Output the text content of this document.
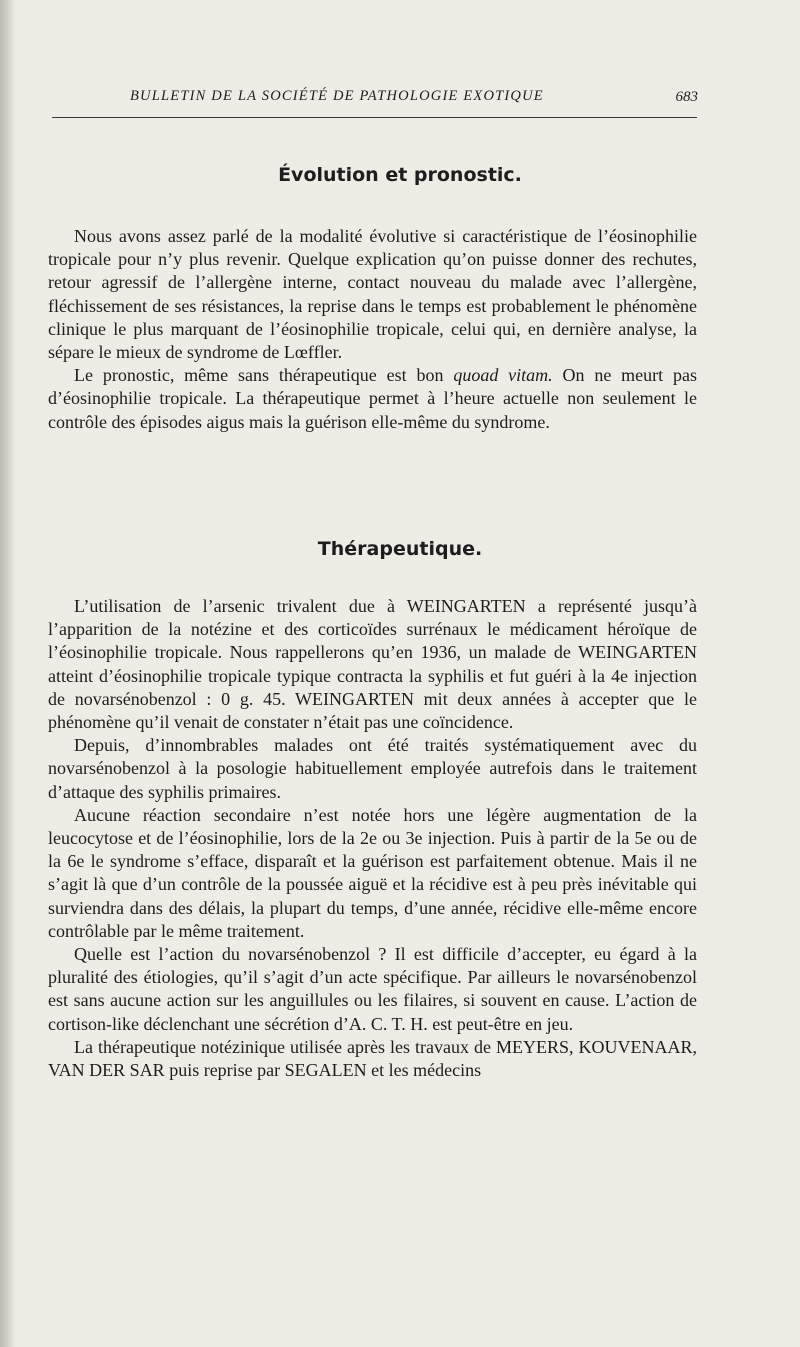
BULLETIN DE LA SOCIÉTÉ DE PATHOLOGIE EXOTIQUE	683
Évolution et pronostic.

Nous avons assez parlé de la modalité évolutive si caractéristique de l’éosinophilie tropicale pour n’y plus revenir. Quelque explication qu’on puisse donner des rechutes, retour agressif de l’allergène interne, contact nouveau du malade avec l’allergène, fléchissement de ses résistances, la reprise dans le temps est probablement le phénomène clinique le plus marquant de l’éosinophilie tropicale, celui qui, en dernière analyse, la sépare le mieux de syndrome de Lœffler.

Le pronostic, même sans thérapeutique est bon quoad vitam. On ne meurt pas d’éosinophilie tropicale. La thérapeutique permet à l’heure actuelle non seulement le contrôle des épisodes aigus mais la guérison elle-même du syndrome.

Thérapeutique.

L’utilisation de l’arsenic trivalent due à WEINGARTEN a représenté jusqu’à l’apparition de la notézine et des corticoïdes surrénaux le médicament héroïque de l’éosinophilie tropicale. Nous rappellerons qu’en 1936, un malade de WEINGARTEN atteint d’éosinophilie tropicale typique contracta la syphilis et fut guéri à la 4e injection de novarsénobenzol : 0 g. 45. WEINGARTEN mit deux années à accepter que le phénomène qu’il venait de constater n’était pas une coïncidence.

Depuis, d’innombrables malades ont été traités systématiquement avec du novarsénobenzol à la posologie habituellement employée autrefois dans le traitement d’attaque des syphilis primaires.

Aucune réaction secondaire n’est notée hors une légère augmentation de la leucocytose et de l’éosinophilie, lors de la 2e ou 3e injection. Puis à partir de la 5e ou de la 6e le syndrome s’efface, disparaît et la guérison est parfaitement obtenue. Mais il ne s’agit là que d’un contrôle de la poussée aiguë et la récidive est à peu près inévitable qui surviendra dans des délais, la plupart du temps, d’une année, récidive elle-même encore contrôlable par le même traitement.

Quelle est l’action du novarsénobenzol ? Il est difficile d’accepter, eu égard à la pluralité des étiologies, qu’il s’agit d’un acte spécifique. Par ailleurs le novarsénobenzol est sans aucune action sur les anguillules ou les filaires, si souvent en cause. L’action de cortison-like déclenchant une sécrétion d’A. C. T. H. est peut-être en jeu.

La thérapeutique notézinique utilisée après les travaux de MEYERS, KOUVENAAR, VAN DER SAR puis reprise par SEGALEN et les médecins
